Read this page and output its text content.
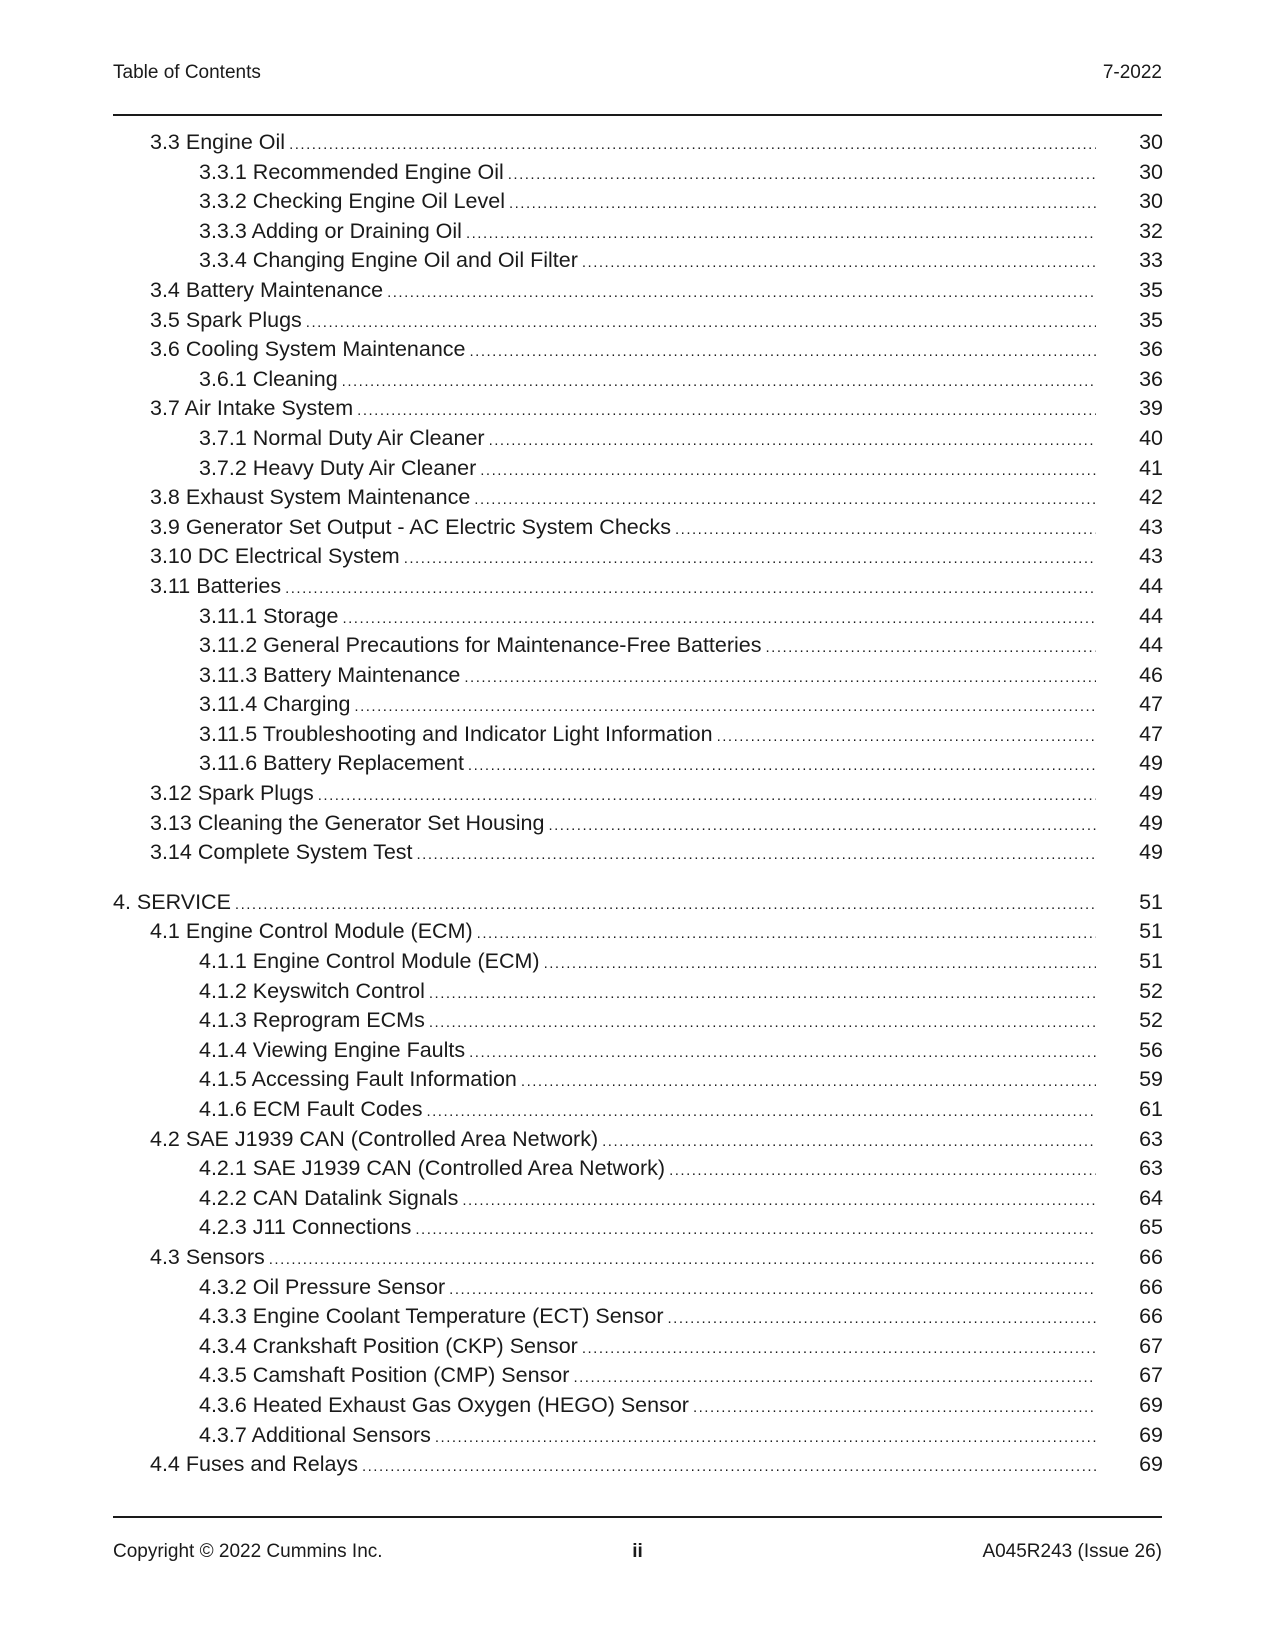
Table of Contents	7-2022
3.3 Engine Oil .....	30
3.3.1 Recommended Engine Oil .....	30
3.3.2 Checking Engine Oil Level .....	30
3.3.3 Adding or Draining Oil .....	32
3.3.4 Changing Engine Oil and Oil Filter .....	33
3.4 Battery Maintenance .....	35
3.5 Spark Plugs .....	35
3.6 Cooling System Maintenance .....	36
3.6.1 Cleaning .....	36
3.7 Air Intake System .....	39
3.7.1 Normal Duty Air Cleaner .....	40
3.7.2 Heavy Duty Air Cleaner .....	41
3.8 Exhaust System Maintenance .....	42
3.9 Generator Set Output - AC Electric System Checks .....	43
3.10 DC Electrical System .....	43
3.11 Batteries .....	44
3.11.1 Storage .....	44
3.11.2 General Precautions for Maintenance-Free Batteries .....	44
3.11.3 Battery Maintenance .....	46
3.11.4 Charging .....	47
3.11.5 Troubleshooting and Indicator Light Information .....	47
3.11.6 Battery Replacement .....	49
3.12 Spark Plugs .....	49
3.13 Cleaning the Generator Set Housing .....	49
3.14 Complete System Test .....	49
4. SERVICE .....	51
4.1 Engine Control Module (ECM) .....	51
4.1.1 Engine Control Module (ECM) .....	51
4.1.2 Keyswitch Control .....	52
4.1.3 Reprogram ECMs .....	52
4.1.4 Viewing Engine Faults .....	56
4.1.5 Accessing Fault Information .....	59
4.1.6 ECM Fault Codes .....	61
4.2 SAE J1939 CAN (Controlled Area Network) .....	63
4.2.1 SAE J1939 CAN (Controlled Area Network) .....	63
4.2.2 CAN Datalink Signals .....	64
4.2.3 J11 Connections .....	65
4.3 Sensors .....	66
4.3.2 Oil Pressure Sensor .....	66
4.3.3 Engine Coolant Temperature (ECT) Sensor .....	66
4.3.4 Crankshaft Position (CKP) Sensor .....	67
4.3.5 Camshaft Position (CMP) Sensor .....	67
4.3.6 Heated Exhaust Gas Oxygen (HEGO) Sensor .....	69
4.3.7 Additional Sensors .....	69
4.4 Fuses and Relays .....	69
Copyright © 2022 Cummins Inc.	ii	A045R243 (Issue 26)
